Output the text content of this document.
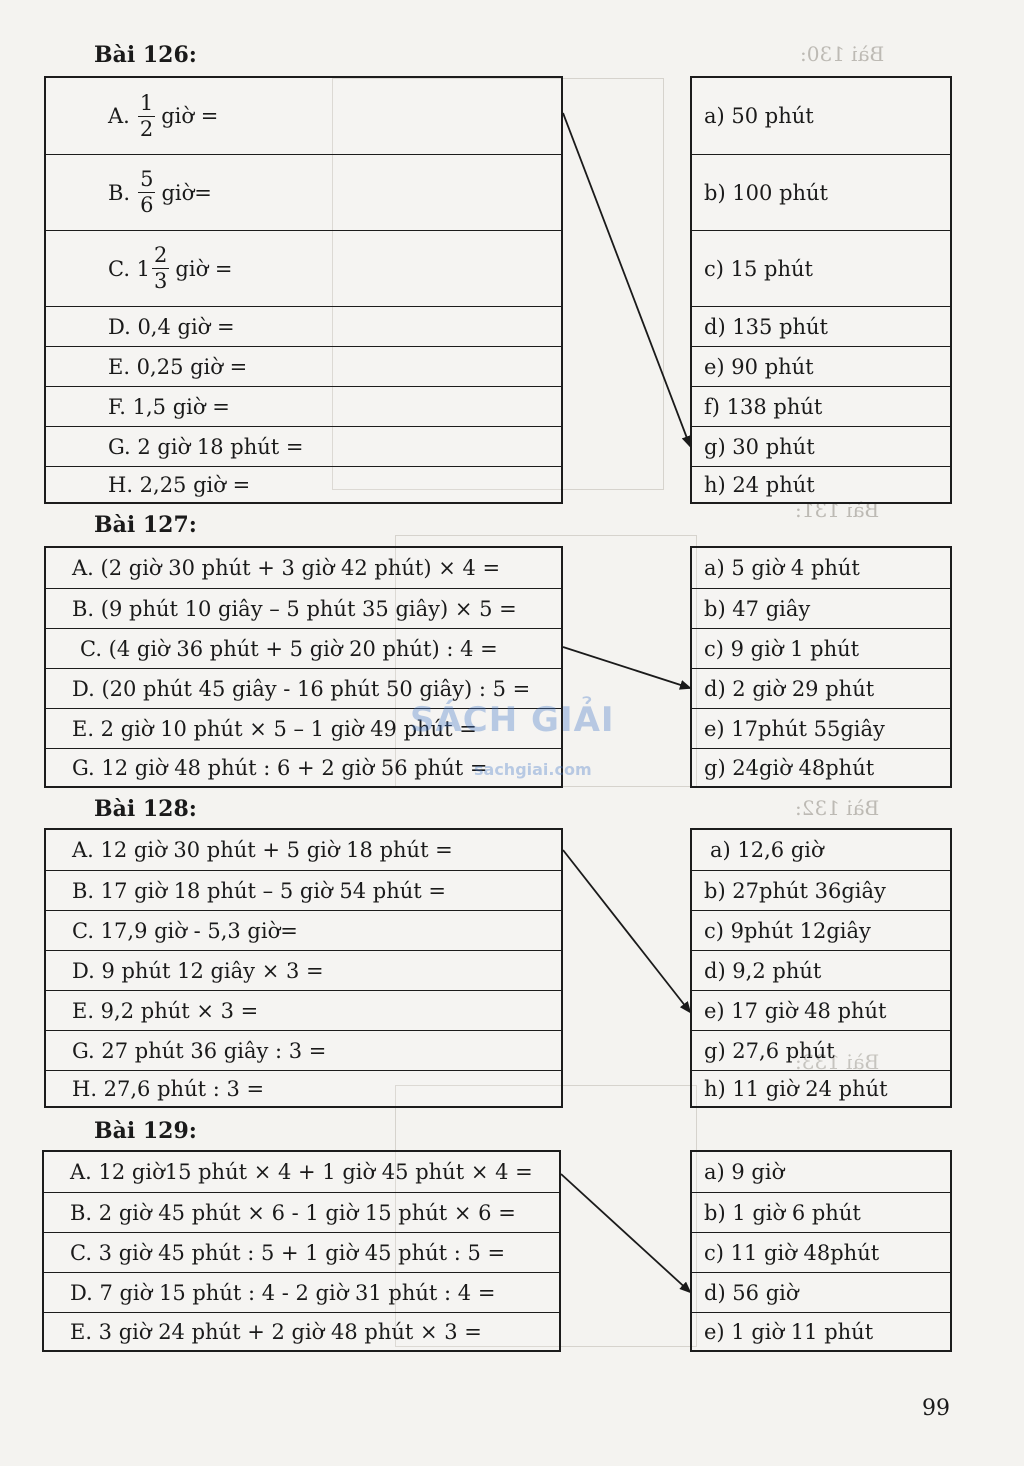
Bài 130:
Bài 131:
Bài 132:
Bài 133:
Bài 126:
A. $\frac{1}{2}$ giờ =
B. $\frac{5}{6}$ giờ=
C. $1 \frac{2}{3}$ giờ =
D. 0,4 giờ =
E. 0,25 giờ =
F. 1,5 giờ =
G. 2 giờ 18 phút =
H. 2,25 giờ =
a) 50 phút
b) 100 phút
c) 15 phút
d) 135 phút
e) 90 phút
f) 138 phút
g) 30 phút
h) 24 phút
Bài 127:
A. (2 giờ 30 phút + 3 giờ 42 phút) × 4 =
B. (9 phút 10 giây – 5 phút 35 giây) × 5 =
C. (4 giờ 36 phút + 5 giờ 20 phút) : 4 =
D. (20 phút 45 giây - 16 phút 50 giây) : 5 =
E. 2 giờ 10 phút × 5 – 1 giờ 49 phút =
G. 12 giờ 48 phút : 6 + 2 giờ 56 phút =
a) 5 giờ 4 phút
b) 47 giây
c) 9 giờ 1 phút
d) 2 giờ 29 phút
e) 17phút 55giây
g) 24giờ 48phút
Bài 128:
A. 12 giờ 30 phút + 5 giờ 18 phút =
B. 17 giờ 18 phút – 5 giờ 54 phút =
C. 17,9 giờ - 5,3 giờ=
D. 9 phút 12 giây × 3 =
E. 9,2 phút × 3 =
G. 27 phút 36 giây : 3 =
H. 27,6 phút : 3 =
a) 12,6 giờ
b) 27phút 36giây
c) 9phút 12giây
d) 9,2 phút
e) 17 giờ 48 phút
g) 27,6 phút
h) 11 giờ 24 phút
Bài 129:
A. 12 giờ15 phút × 4 + 1 giờ 45 phút × 4 =
B. 2 giờ 45 phút × 6 - 1 giờ 15 phút × 6 =
C. 3 giờ 45 phút : 5 + 1 giờ 45 phút : 5 =
D. 7 giờ 15 phút : 4 - 2 giờ 31 phút : 4 =
E. 3 giờ 24 phút + 2 giờ 48 phút × 3 =
a) 9 giờ
b) 1 giờ 6 phút
c) 11 giờ 48phút
d) 56 giờ
e) 1 giờ 11 phút
SÁCH GIẢI
sachgiai.com
99
